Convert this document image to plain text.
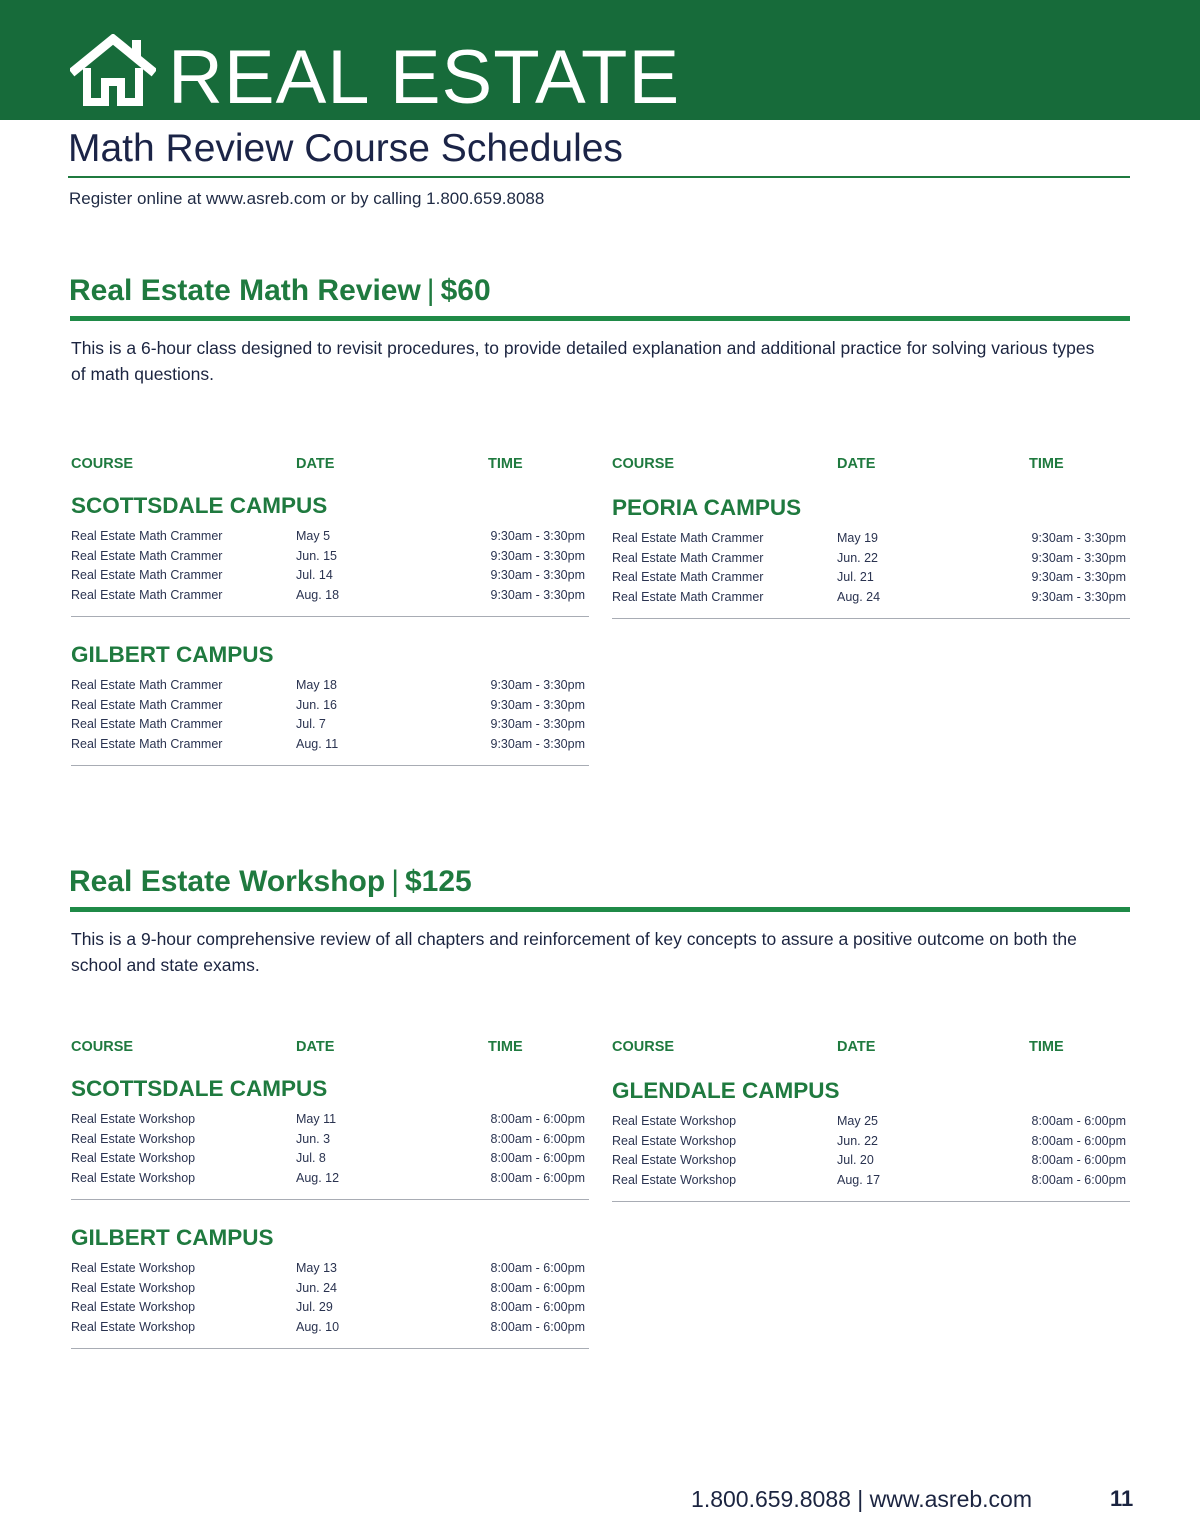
REAL ESTATE
Math Review Course Schedules
Register online at www.asreb.com or by calling 1.800.659.8088
Real Estate Math Review | $60
This is a 6-hour class designed to revisit procedures, to provide detailed explanation and additional practice for solving various types of math questions.
COURSE	DATE	TIME
SCOTTSDALE CAMPUS
Real Estate Math Crammer	May 5	9:30am - 3:30pm
Real Estate Math Crammer	Jun. 15	9:30am - 3:30pm
Real Estate Math Crammer	Jul. 14	9:30am - 3:30pm
Real Estate Math Crammer	Aug. 18	9:30am - 3:30pm
GILBERT CAMPUS
Real Estate Math Crammer	May 18	9:30am - 3:30pm
Real Estate Math Crammer	Jun. 16	9:30am - 3:30pm
Real Estate Math Crammer	Jul. 7	9:30am - 3:30pm
Real Estate Math Crammer	Aug. 11	9:30am - 3:30pm
COURSE	DATE	TIME
PEORIA CAMPUS
Real Estate Math Crammer	May 19	9:30am - 3:30pm
Real Estate Math Crammer	Jun. 22	9:30am - 3:30pm
Real Estate Math Crammer	Jul. 21	9:30am - 3:30pm
Real Estate Math Crammer	Aug. 24	9:30am - 3:30pm
Real Estate Workshop | $125
This is a 9-hour comprehensive review of all chapters and reinforcement of key concepts to assure a positive outcome on both the school and state exams.
COURSE	DATE	TIME
SCOTTSDALE CAMPUS
Real Estate Workshop	May 11	8:00am - 6:00pm
Real Estate Workshop	Jun. 3	8:00am - 6:00pm
Real Estate Workshop	Jul. 8	8:00am - 6:00pm
Real Estate Workshop	Aug. 12	8:00am - 6:00pm
GILBERT CAMPUS
Real Estate Workshop	May 13	8:00am - 6:00pm
Real Estate Workshop	Jun. 24	8:00am - 6:00pm
Real Estate Workshop	Jul. 29	8:00am - 6:00pm
Real Estate Workshop	Aug. 10	8:00am - 6:00pm
COURSE	DATE	TIME
GLENDALE CAMPUS
Real Estate Workshop	May 25	8:00am - 6:00pm
Real Estate Workshop	Jun. 22	8:00am - 6:00pm
Real Estate Workshop	Jul. 20	8:00am - 6:00pm
Real Estate Workshop	Aug. 17	8:00am - 6:00pm
1.800.659.8088 | www.asreb.com	11
